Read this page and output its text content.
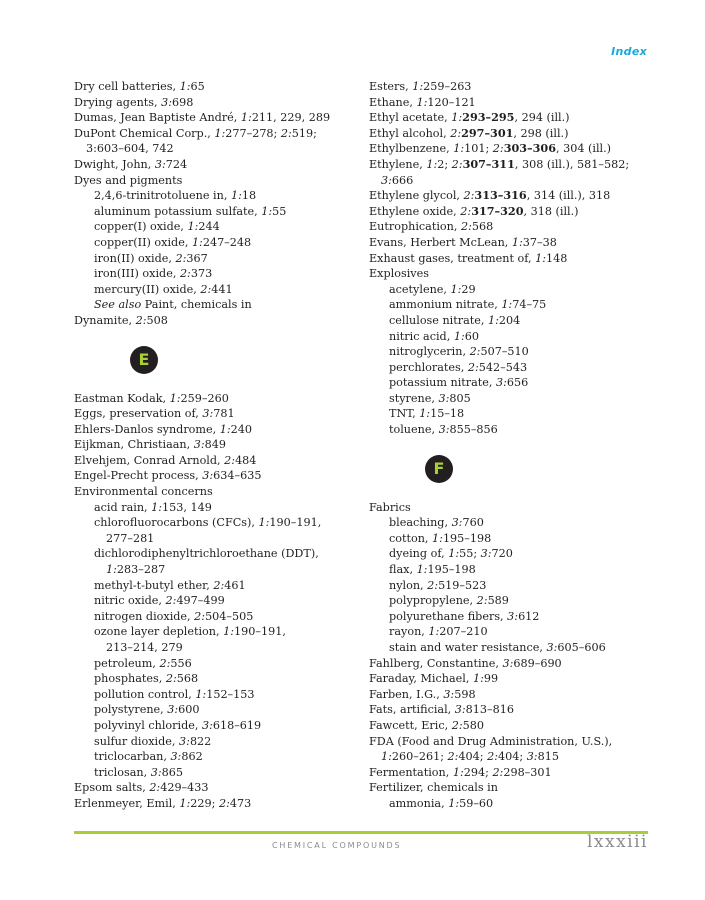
Index
Dry cell batteries, 1:65
Drying agents, 3:698
Dumas, Jean Baptiste André, 1:211, 229, 289
DuPont Chemical Corp., 1:277–278; 2:519;
3:603–604, 742
Dwight, John, 3:724
Dyes and pigments
2,4,6-trinitrotoluene in, 1:18
aluminum potassium sulfate, 1:55
copper(I) oxide, 1:244
copper(II) oxide, 1:247–248
iron(II) oxide, 2:367
iron(III) oxide, 2:373
mercury(II) oxide, 2:441
See also Paint, chemicals in
Dynamite, 2:508
E
Eastman Kodak, 1:259–260
Eggs, preservation of, 3:781
Ehlers-Danlos syndrome, 1:240
Eijkman, Christiaan, 3:849
Elvehjem, Conrad Arnold, 2:484
Engel-Precht process, 3:634–635
Environmental concerns
acid rain, 1:153, 149
chlorofluorocarbons (CFCs), 1:190–191,
277–281
dichlorodiphenyltrichloroethane (DDT),
1:283–287
methyl-t-butyl ether, 2:461
nitric oxide, 2:497–499
nitrogen dioxide, 2:504–505
ozone layer depletion, 1:190–191,
213–214, 279
petroleum, 2:556
phosphates, 2:568
pollution control, 1:152–153
polystyrene, 3:600
polyvinyl chloride, 3:618–619
sulfur dioxide, 3:822
triclocarban, 3:862
triclosan, 3:865
Epsom salts, 2:429–433
Erlenmeyer, Emil, 1:229; 2:473
Esters, 1:259–263
Ethane, 1:120–121
Ethyl acetate, 1:293–295, 294 (ill.)
Ethyl alcohol, 2:297–301, 298 (ill.)
Ethylbenzene, 1:101; 2:303–306, 304 (ill.)
Ethylene, 1:2; 2:307–311, 308 (ill.), 581–582;
3:666
Ethylene glycol, 2:313–316, 314 (ill.), 318
Ethylene oxide, 2:317–320, 318 (ill.)
Eutrophication, 2:568
Evans, Herbert McLean, 1:37–38
Exhaust gases, treatment of, 1:148
Explosives
acetylene, 1:29
ammonium nitrate, 1:74–75
cellulose nitrate, 1:204
nitric acid, 1:60
nitroglycerin, 2:507–510
perchlorates, 2:542–543
potassium nitrate, 3:656
styrene, 3:805
TNT, 1:15–18
toluene, 3:855–856
F
Fabrics
bleaching, 3:760
cotton, 1:195–198
dyeing of, 1:55; 3:720
flax, 1:195–198
nylon, 2:519–523
polypropylene, 2:589
polyurethane fibers, 3:612
rayon, 1:207–210
stain and water resistance, 3:605–606
Fahlberg, Constantine, 3:689–690
Faraday, Michael, 1:99
Farben, I.G., 3:598
Fats, artificial, 3:813–816
Fawcett, Eric, 2:580
FDA (Food and Drug Administration, U.S.),
1:260–261; 2:404; 2:404; 3:815
Fermentation, 1:294; 2:298–301
Fertilizer, chemicals in
ammonia, 1:59–60
CHEMICAL COMPOUNDS	lxxxiii
